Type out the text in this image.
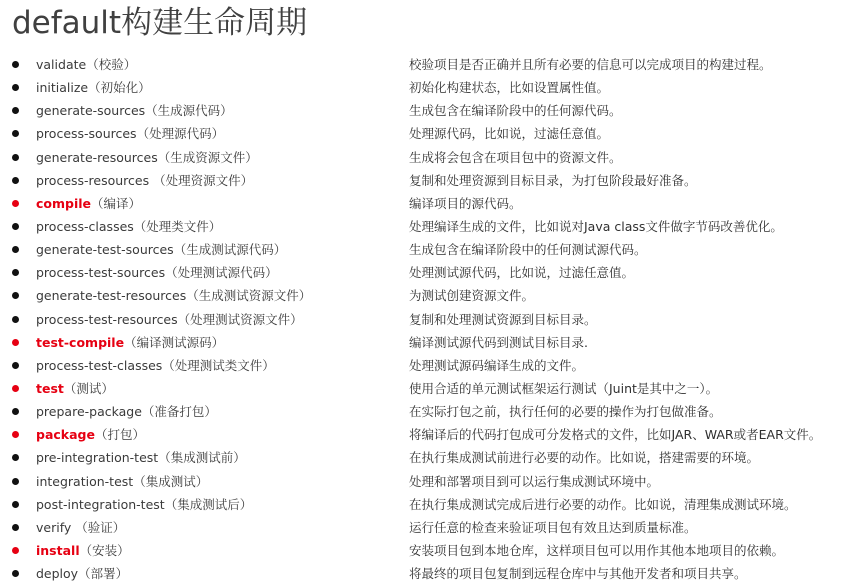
default构建生命周期
validate（校验）	校验项目是否正确并且所有必要的信息可以完成项目的构建过程。
initialize（初始化）	初始化构建状态，比如设置属性值。
generate-sources（生成源代码）	生成包含在编译阶段中的任何源代码。
process-sources（处理源代码）	处理源代码，比如说，过滤任意值。
generate-resources（生成资源文件）	生成将会包含在项目包中的资源文件。
process-resources （处理资源文件）	复制和处理资源到目标目录，为打包阶段最好准备。
compile（编译）	编译项目的源代码。
process-classes（处理类文件）	处理编译生成的文件，比如说对Java class文件做字节码改善优化。
generate-test-sources（生成测试源代码）	生成包含在编译阶段中的任何测试源代码。
process-test-sources（处理测试源代码）	处理测试源代码，比如说，过滤任意值。
generate-test-resources（生成测试资源文件）	为测试创建资源文件。
process-test-resources（处理测试资源文件）	复制和处理测试资源到目标目录。
test-compile（编译测试源码）	编译测试源代码到测试目标目录.
process-test-classes（处理测试类文件）	处理测试源码编译生成的文件。
test（测试）	使用合适的单元测试框架运行测试（Juint是其中之一）。
prepare-package（准备打包）	在实际打包之前，执行任何的必要的操作为打包做准备。
package（打包）	将编译后的代码打包成可分发格式的文件，比如JAR、WAR或者EAR文件。
pre-integration-test（集成测试前）	在执行集成测试前进行必要的动作。比如说，搭建需要的环境。
integration-test（集成测试）	处理和部署项目到可以运行集成测试环境中。
post-integration-test（集成测试后）	在执行集成测试完成后进行必要的动作。比如说，清理集成测试环境。
verify （验证）	运行任意的检查来验证项目包有效且达到质量标准。
install（安装）	安装项目包到本地仓库，这样项目包可以用作其他本地项目的依赖。
deploy（部署）	将最终的项目包复制到远程仓库中与其他开发者和项目共享。
